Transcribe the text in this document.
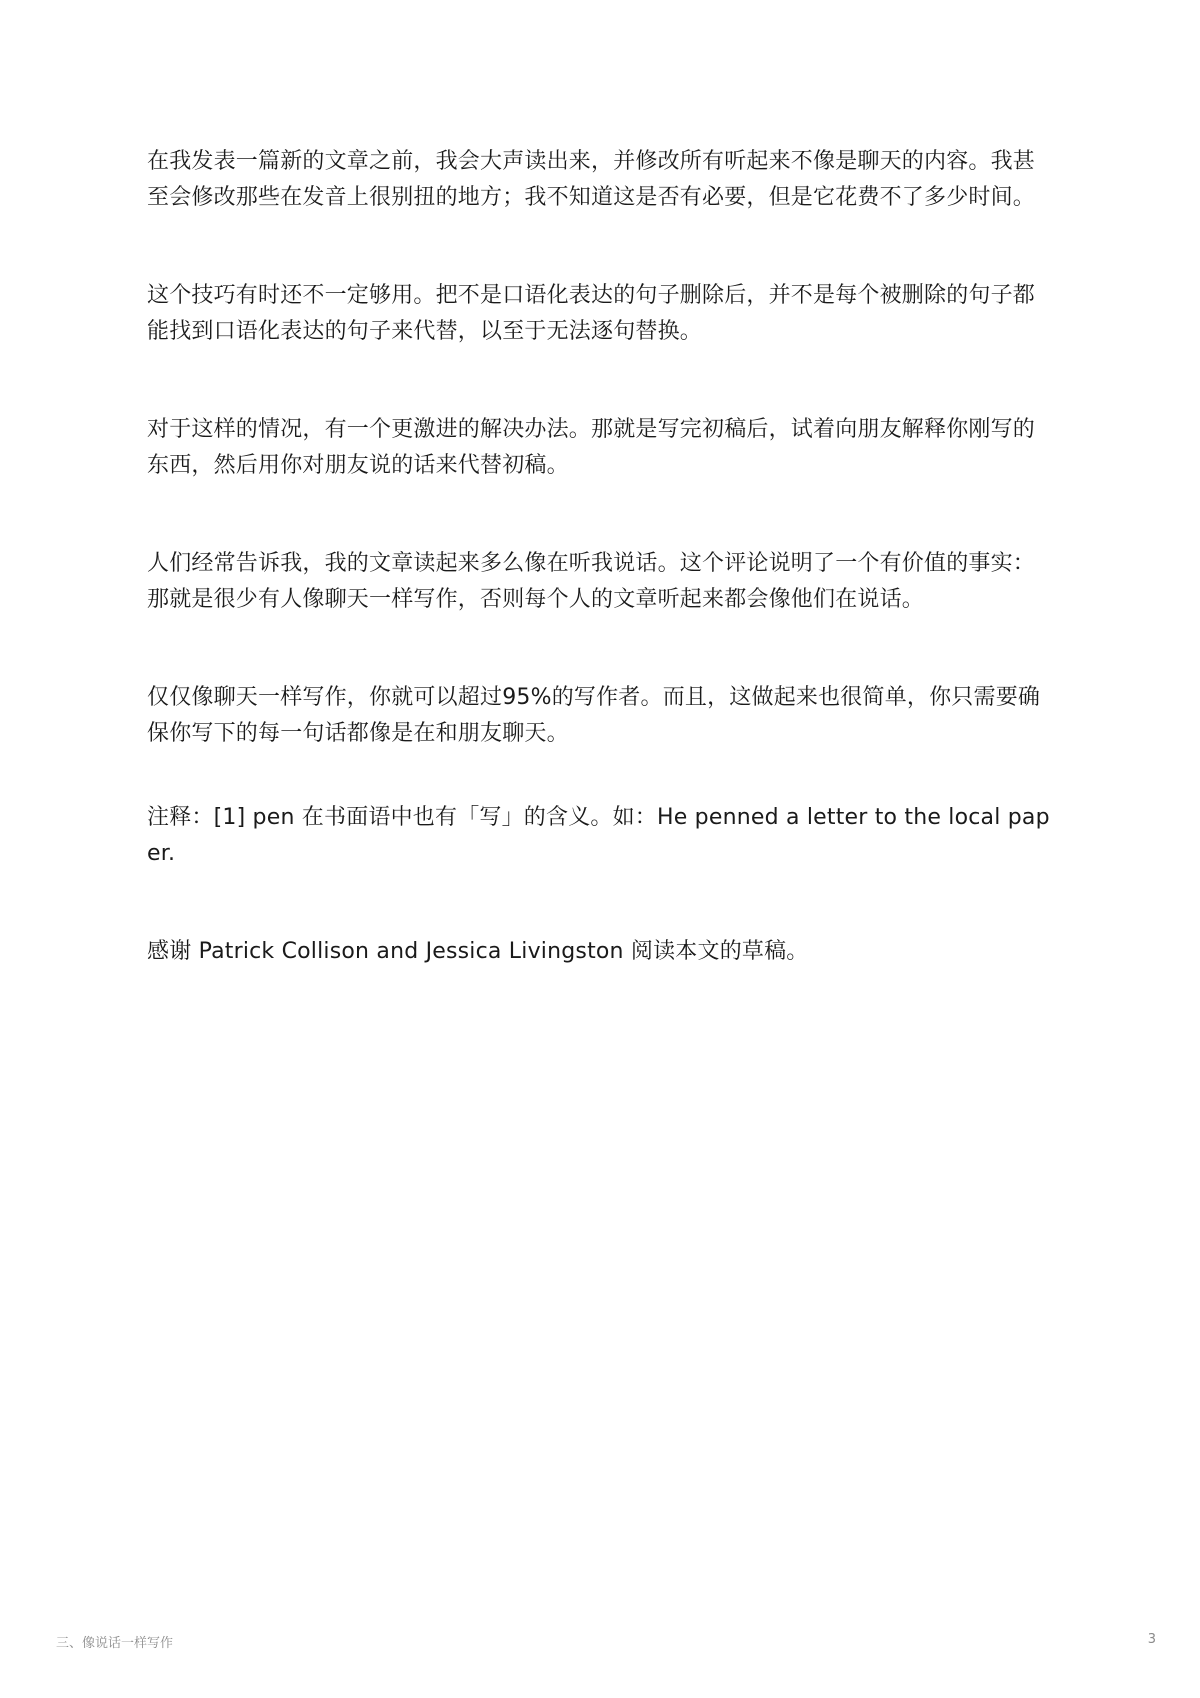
在我发表一篇新的文章之前，我会大声读出来，并修改所有听起来不像是聊天的内容。我甚至会修改那些在发音上很别扭的地方；我不知道这是否有必要，但是它花费不了多少时间。

这个技巧有时还不一定够用。把不是口语化表达的句子删除后，并不是每个被删除的句子都能找到口语化表达的句子来代替，以至于无法逐句替换。

对于这样的情况，有一个更激进的解决办法。那就是写完初稿后，试着向朋友解释你刚写的东西，然后用你对朋友说的话来代替初稿。

人们经常告诉我，我的文章读起来多么像在听我说话。这个评论说明了一个有价值的事实：那就是很少有人像聊天一样写作，否则每个人的文章听起来都会像他们在说话。

仅仅像聊天一样写作，你就可以超过95%的写作者。而且，这做起来也很简单，你只需要确保你写下的每一句话都像是在和朋友聊天。

注释：[1] pen 在书面语中也有「写」的含义。如：He penned a letter to the local paper.

感谢 Patrick Collison and Jessica Livingston 阅读本文的草稿。

三、像说话一样写作	3
